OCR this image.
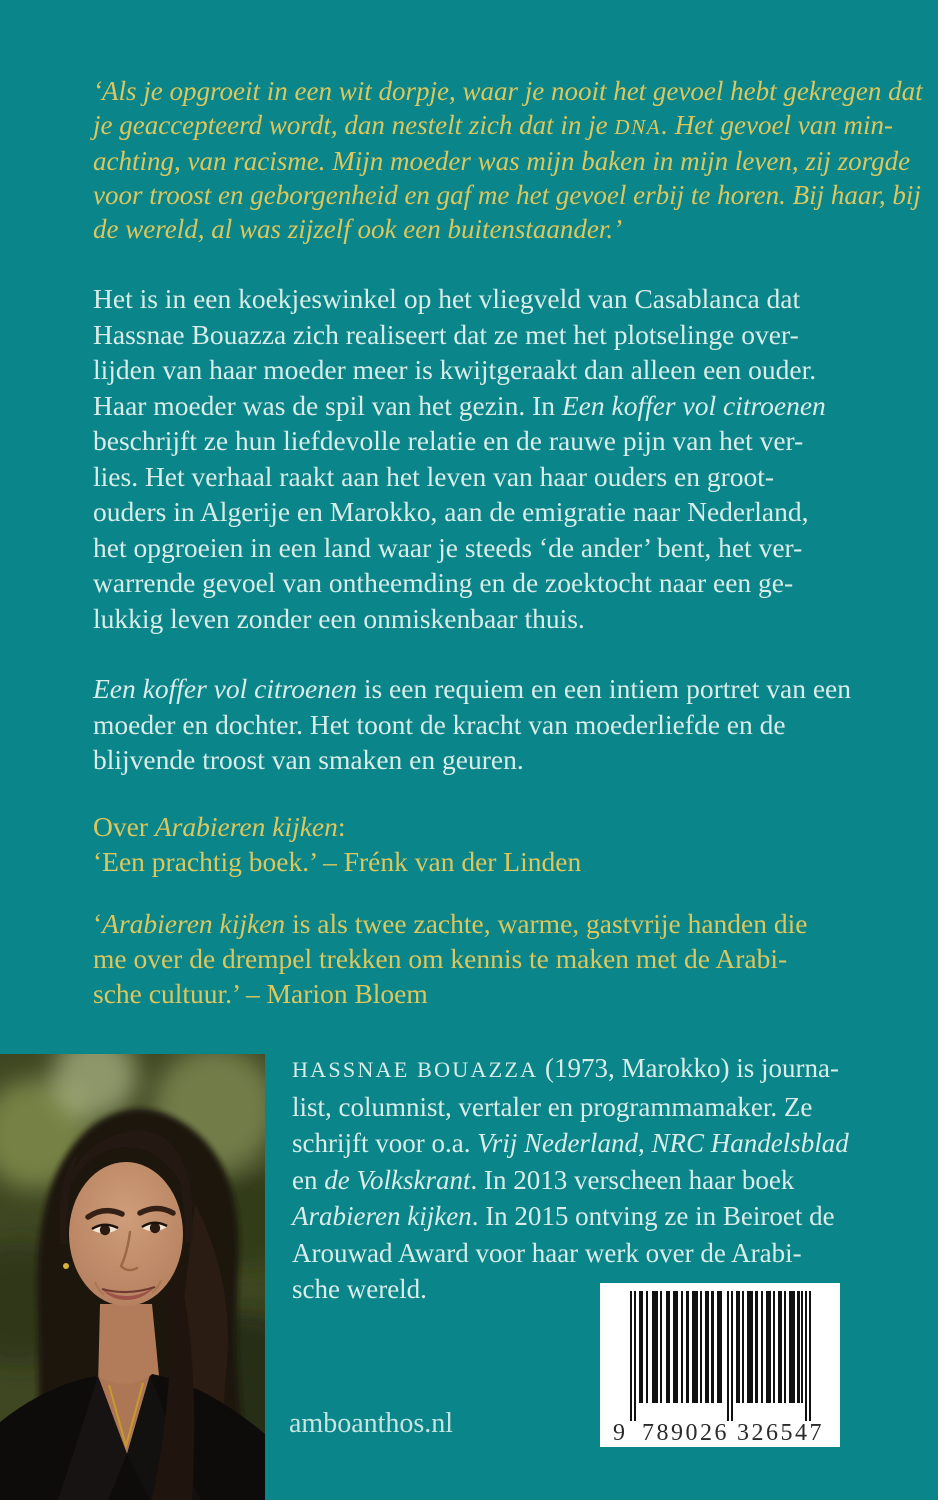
‘Als je opgroeit in een wit dorpje, waar je nooit het gevoel hebt gekregen dat
je geaccepteerd wordt, dan nestelt zich dat in je DNA. Het gevoel van min-
achting, van racisme. Mijn moeder was mijn baken in mijn leven, zij zorgde
voor troost en geborgenheid en gaf me het gevoel erbij te horen. Bij haar, bij
de wereld, al was zijzelf ook een buitenstaander.’
Het is in een koekjeswinkel op het vliegveld van Casablanca dat
Hassnae Bouazza zich realiseert dat ze met het plotselinge over-
lijden van haar moeder meer is kwijtgeraakt dan alleen een ouder.
Haar moeder was de spil van het gezin. In Een koffer vol citroenen
beschrijft ze hun liefdevolle relatie en de rauwe pijn van het ver-
lies. Het verhaal raakt aan het leven van haar ouders en groot-
ouders in Algerije en Marokko, aan de emigratie naar Nederland,
het opgroeien in een land waar je steeds ‘de ander’ bent, het ver-
warrende gevoel van ontheemding en de zoektocht naar een ge-
lukkig leven zonder een onmiskenbaar thuis.
Een koffer vol citroenen is een requiem en een intiem portret van een
moeder en dochter. Het toont de kracht van moederliefde en de
blijvende troost van smaken en geuren.
Over Arabieren kijken:
‘Een prachtig boek.’ – Frénk van der Linden
‘Arabieren kijken is als twee zachte, warme, gastvrije handen die
me over de drempel trekken om kennis te maken met de Arabi-
sche cultuur.’ – Marion Bloem
HASSNAE BOUAZZA (1973, Marokko) is journa-
list, columnist, vertaler en programmamaker. Ze
schrijft voor o.a. Vrij Nederland, NRC Handelsblad
en de Volkskrant. In 2013 verscheen haar boek
Arabieren kijken. In 2015 ontving ze in Beiroet de
Arouwad Award voor haar werk over de Arabi-
sche wereld.
amboanthos.nl	9 789026 326547
